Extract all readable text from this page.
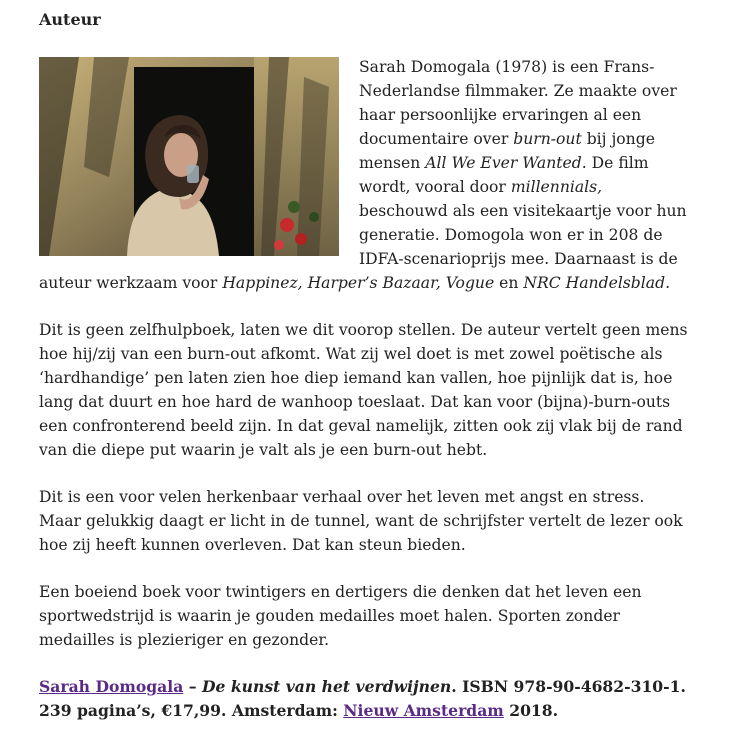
Auteur
Sarah Domogala (1978) is een Frans-Nederlandse filmmaker. Ze maakte over haar persoonlijke ervaringen al een documentaire over burn-out bij jonge mensen All We Ever Wanted. De film wordt, vooral door millennials, beschouwd als een visitekaartje voor hun generatie. Domogola won er in 208 de IDFA-scenarioprijs mee. Daarnaast is de auteur werkzaam voor Happinez, Harper’s Bazaar, Vogue en NRC Handelsblad.

Dit is geen zelfhulpboek, laten we dit voorop stellen. De auteur vertelt geen mens hoe hij/zij van een burn-out afkomt. Wat zij wel doet is met zowel poëtische als ‘hardhandige’ pen laten zien hoe diep iemand kan vallen, hoe pijnlijk dat is, hoe lang dat duurt en hoe hard de wanhoop toeslaat. Dat kan voor (bijna)-burn-outs een confronterend beeld zijn. In dat geval namelijk, zitten ook zij vlak bij de rand van die diepe put waarin je valt als je een burn-out hebt.

Dit is een voor velen herkenbaar verhaal over het leven met angst en stress. Maar gelukkig daagt er licht in de tunnel, want de schrijfster vertelt de lezer ook hoe zij heeft kunnen overleven. Dat kan steun bieden.

Een boeiend boek voor twintigers en dertigers die denken dat het leven een sportwedstrijd is waarin je gouden medailles moet halen. Sporten zonder medailles is plezieriger en gezonder.

Sarah Domogala – De kunst van het verdwijnen. ISBN 978-90-4682-310-1. 239 pagina’s, €17,99. Amsterdam: Nieuw Amsterdam 2018.
